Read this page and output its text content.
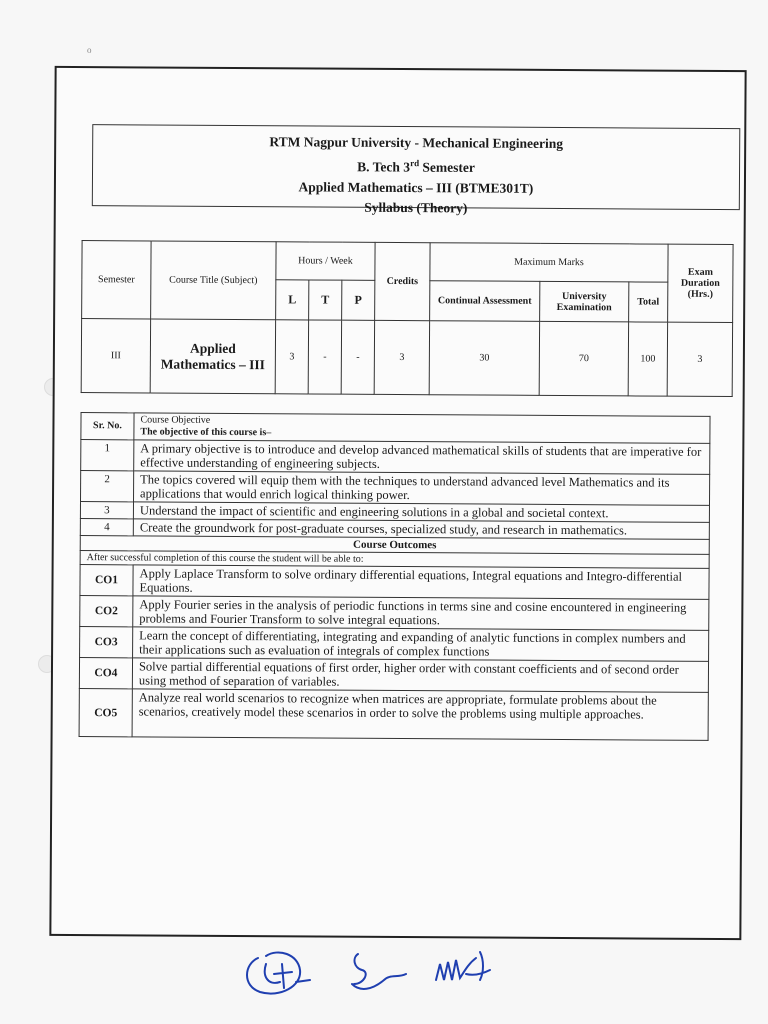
o
RTM Nagpur University - Mechanical Engineering
B. Tech 3rd Semester
Applied Mathematics – III (BTME301T)
Syllabus (Theory)
Semester	Course Title (Subject)	Hours / Week			Credits	Maximum Marks			Exam Duration (Hrs.)
		L	T	P		Continual Assessment	University Examination	Total	
III	Applied Mathematics – III	3	-	-	3	30	70	100	3
Sr. No.	Course Objective
The objective of this course is–

1	A primary objective is to introduce and develop advanced mathematical skills of students that are imperative for effective understanding of engineering subjects.
2	The topics covered will equip them with the techniques to understand advanced level Mathematics and its applications that would enrich logical thinking power.
3	Understand the impact of scientific and engineering solutions in a global and societal context.
4	Create the groundwork for post-graduate courses, specialized study, and research in mathematics.
Course Outcomes	
After successful completion of this course the student will be able to:	
CO1	Apply Laplace Transform to solve ordinary differential equations, Integral equations and Integro-differential Equations.
CO2	Apply Fourier series in the analysis of periodic functions in terms sine and cosine encountered in engineering problems and Fourier Transform to solve integral equations.
CO3	Learn the concept of differentiating, integrating and expanding of analytic functions in complex numbers and their applications such as evaluation of integrals of complex functions
CO4	Solve partial differential equations of first order, higher order with constant coefficients and of second order using method of separation of variables.
CO5	Analyze real world scenarios to recognize when matrices are appropriate, formulate problems about the scenarios, creatively model these scenarios in order to solve the problems using multiple approaches.
